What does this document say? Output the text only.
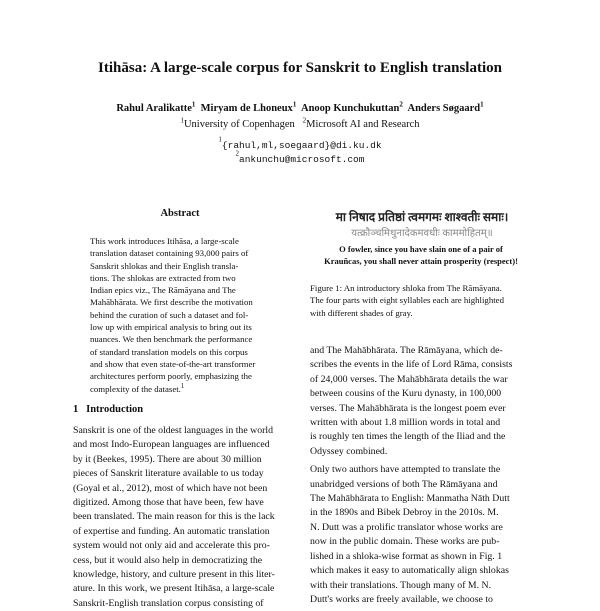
Itihāsa: A large-scale corpus for Sanskrit to English translation
Rahul Aralikatte$^1$ Miryam de Lhoneux$^1$ Anoop Kunchukuttan$^2$ Anders Søgaard$^1$
$^1$University of Copenhagen $^2$Microsoft AI and Research
$^1${rahul,ml,soegaard}@di.ku.dk
$^2$ankunchu@microsoft.com
Abstract
This work introduces Itihāsa, a large-scale
translation dataset containing 93,000 pairs of
Sanskrit shlokas and their English transla-
tions. The shlokas are extracted from two
Indian epics viz., The Rāmāyana and The
Mahābhārata. We first describe the motivation
behind the curation of such a dataset and fol-
low up with empirical analysis to bring out its
nuances. We then benchmark the performance
of standard translation models on this corpus
and show that even state-of-the-art transformer
architectures perform poorly, emphasizing the
complexity of the dataset.$^1$
1 Introduction
Sanskrit is one of the oldest languages in the world
and most Indo-European languages are influenced
by it (Beekes, 1995). There are about 30 million
pieces of Sanskrit literature available to us today
(Goyal et al., 2012), most of which have not been
digitized. Among those that have been, few have
been translated. The main reason for this is the lack
of expertise and funding. An automatic translation
system would not only aid and accelerate this pro-
cess, but it would also help in democratizing the
knowledge, history, and culture present in this liter-
ature. In this work, we present Itihāsa, a large-scale
Sanskrit-English translation corpus consisting of
मा निषाद प्रतिष्ठां त्वमगमः शाश्वतीः समाः।
यत्क्रौञ्चमिथुनादेकमवधीः काममोहितम्॥
O fowler, since you have slain one of a pair of
Krauñcas, you shall never attain prosperity (respect)!
Figure 1: An introductory shloka from The Rāmāyana.
The four parts with eight syllables each are highlighted
with different shades of gray.
and The Mahābhārata. The Rāmāyana, which de-
scribes the events in the life of Lord Rāma, consists
of 24,000 verses. The Mahābhārata details the war
between cousins of the Kuru dynasty, in 100,000
verses. The Mahābhārata is the longest poem ever
written with about 1.8 million words in total and
is roughly ten times the length of the Iliad and the
Odyssey combined.
Only two authors have attempted to translate the
unabridged versions of both The Rāmāyana and
The Mahābhārata to English: Manmatha Nāth Dutt
in the 1890s and Bibek Debroy in the 2010s. M.
N. Dutt was a prolific translator whose works are
now in the public domain. These works are pub-
lished in a shloka-wise format as shown in Fig. 1
which makes it easy to automatically align shlokas
with their translations. Though many of M. N.
Dutt's works are freely available, we choose to
